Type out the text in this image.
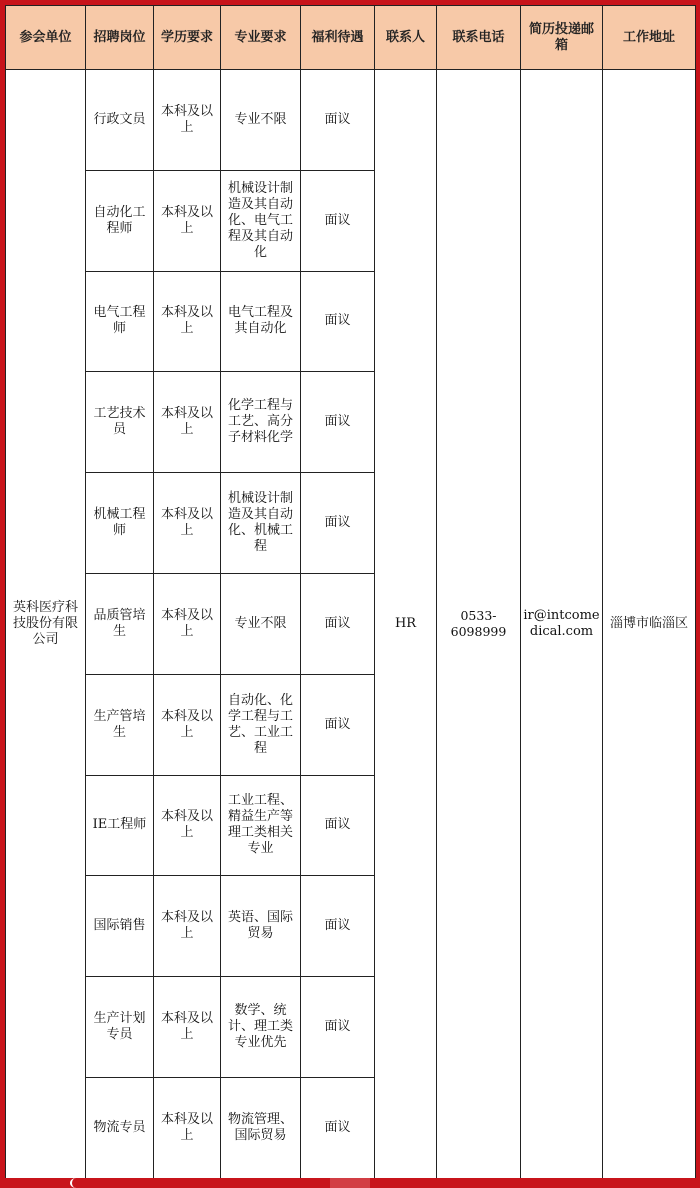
参会单位	招聘岗位	学历要求	专业要求	福利待遇	联系人	联系电话	简历投递邮箱	工作地址
英科医疗科技股份有限公司	行政文员	本科及以上	专业不限	面议	HR	0533-6098999	ir@intcomedical.com	淄博市临淄区
	自动化工程师	本科及以上	机械设计制造及其自动化、电气工程及其自动化	面议				
	电气工程师	本科及以上	电气工程及其自动化	面议				
	工艺技术员	本科及以上	化学工程与工艺、高分子材料化学	面议				
	机械工程师	本科及以上	机械设计制造及其自动化、机械工程	面议				
	品质管培生	本科及以上	专业不限	面议				
	生产管培生	本科及以上	自动化、化学工程与工艺、工业工程	面议				
	IE工程师	本科及以上	工业工程、精益生产等理工类相关专业	面议				
	国际销售	本科及以上	英语、国际贸易	面议				
	生产计划专员	本科及以上	数学、统计、理工类专业优先	面议				
	物流专员	本科及以上	物流管理、国际贸易	面议				
